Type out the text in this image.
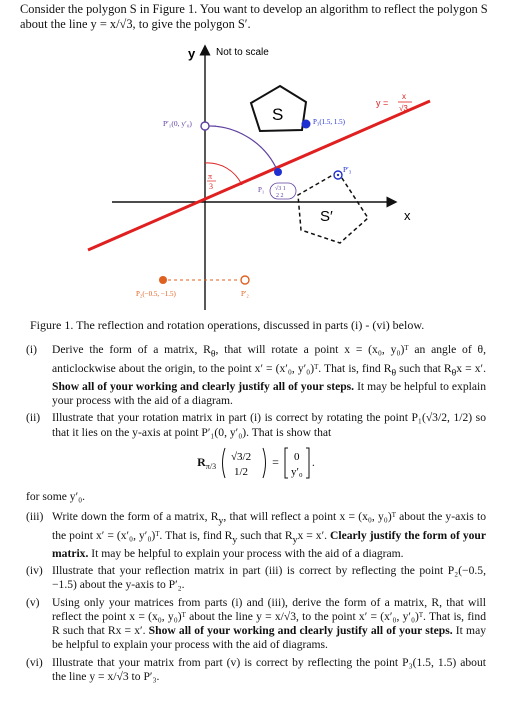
Consider the polygon S in Figure 1. You want to develop an algorithm to reflect the polygon S about the line y = x/√3, to give the polygon S′.
y
x
Not to scale
y =
x
√3
S
S′
π
3
P′₁(0, y′₀)
P₁ √3 1
2 2
P₃(1.5, 1.5)
P′₃
P₂(−0.5, −1.5)	P′₂
Figure 1. The reflection and rotation operations, discussed in parts (i) - (vi) below.
(i) Derive the form of a matrix, $R_\theta$, that will rotate a point x = (x₀, y₀)ᵀ an angle of θ, anticlockwise about the origin, to the point x′ = (x′₀, y′₀)ᵀ. That is, find $R_\theta$ such that $R_\theta x = x'$. Show all of your working and clearly justify all of your steps. It may be helpful to explain your process with the aid of a diagram.
(ii) Illustrate that your rotation matrix in part (i) is correct by rotating the point P₁(√3/2, 1/2) so that it lies on the y-axis at point P′₁(0, y′₀). That is show that
$R_{\pi/3}$
√3/2
1/2
= 0
y′₀
.
for some y′₀.
(iii) Write down the form of a matrix, $R_y$, that will reflect a point x = (x₀, y₀)ᵀ about the y-axis to the point x′ = (x′₀, y′₀)ᵀ. That is, find $R_y$ such that $R_yx = x'$. Clearly justify the form of your matrix. It may be helpful to explain your process with the aid of a diagram.
(iv) Illustrate that your reflection matrix in part (iii) is correct by reflecting the point P₂(−0.5, −1.5) about the y-axis to P′₂.
(v) Using only your matrices from parts (i) and (iii), derive the form of a matrix, R, that will reflect the point x = (x₀, y₀)ᵀ about the line y = x/√3, to the point x′ = (x′₀, y′₀)ᵀ. That is, find R such that Rx = x′. Show all of your working and clearly justify all of your steps. It may be helpful to explain your process with the aid of diagrams.
(vi) Illustrate that your matrix from part (v) is correct by reflecting the point P₃(1.5, 1.5) about the line y = x/√3 to P′₃.
